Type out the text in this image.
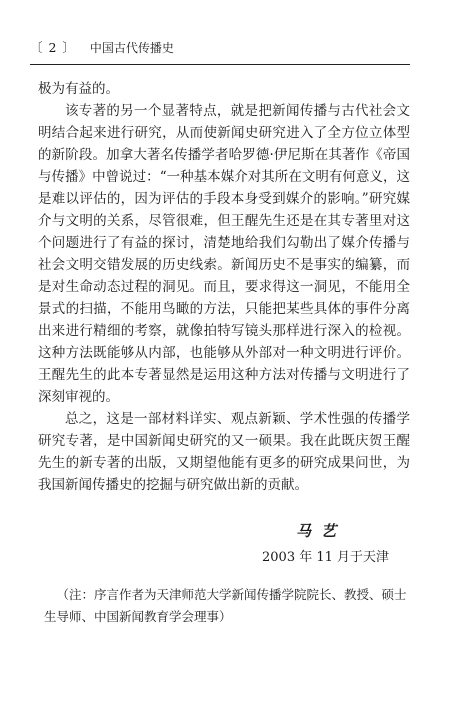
〔 2 〕 中国古代传播史

极为有益的。

该专著的另一个显著特点，就是把新闻传播与古代社会文明结合起来进行研究，从而使新闻史研究进入了全方位立体型的新阶段。加拿大著名传播学者哈罗德·伊尼斯在其著作《帝国与传播》中曾说过：“一种基本媒介对其所在文明有何意义，这是难以评估的，因为评估的手段本身受到媒介的影响。”研究媒介与文明的关系，尽管很难，但王醒先生还是在其专著里对这个问题进行了有益的探讨，清楚地给我们勾勒出了媒介传播与社会文明交错发展的历史线索。新闻历史不是事实的编纂，而是对生命动态过程的洞见。而且，要求得这一洞见，不能用全景式的扫描，不能用鸟瞰的方法，只能把某些具体的事件分离出来进行精细的考察，就像拍特写镜头那样进行深入的检视。这种方法既能够从内部，也能够从外部对一种文明进行评价。王醒先生的此本专著显然是运用这种方法对传播与文明进行了深刻审视的。

总之，这是一部材料详实、观点新颖、学术性强的传播学研究专著，是中国新闻史研究的又一硕果。我在此既庆贺王醒先生的新专著的出版，又期望他能有更多的研究成果问世，为我国新闻传播史的挖掘与研究做出新的贡献。

马艺
2003 年 11 月于天津
（注：序言作者为天津师范大学新闻传播学院院长、教授、硕士生导师、中国新闻教育学会理事）
